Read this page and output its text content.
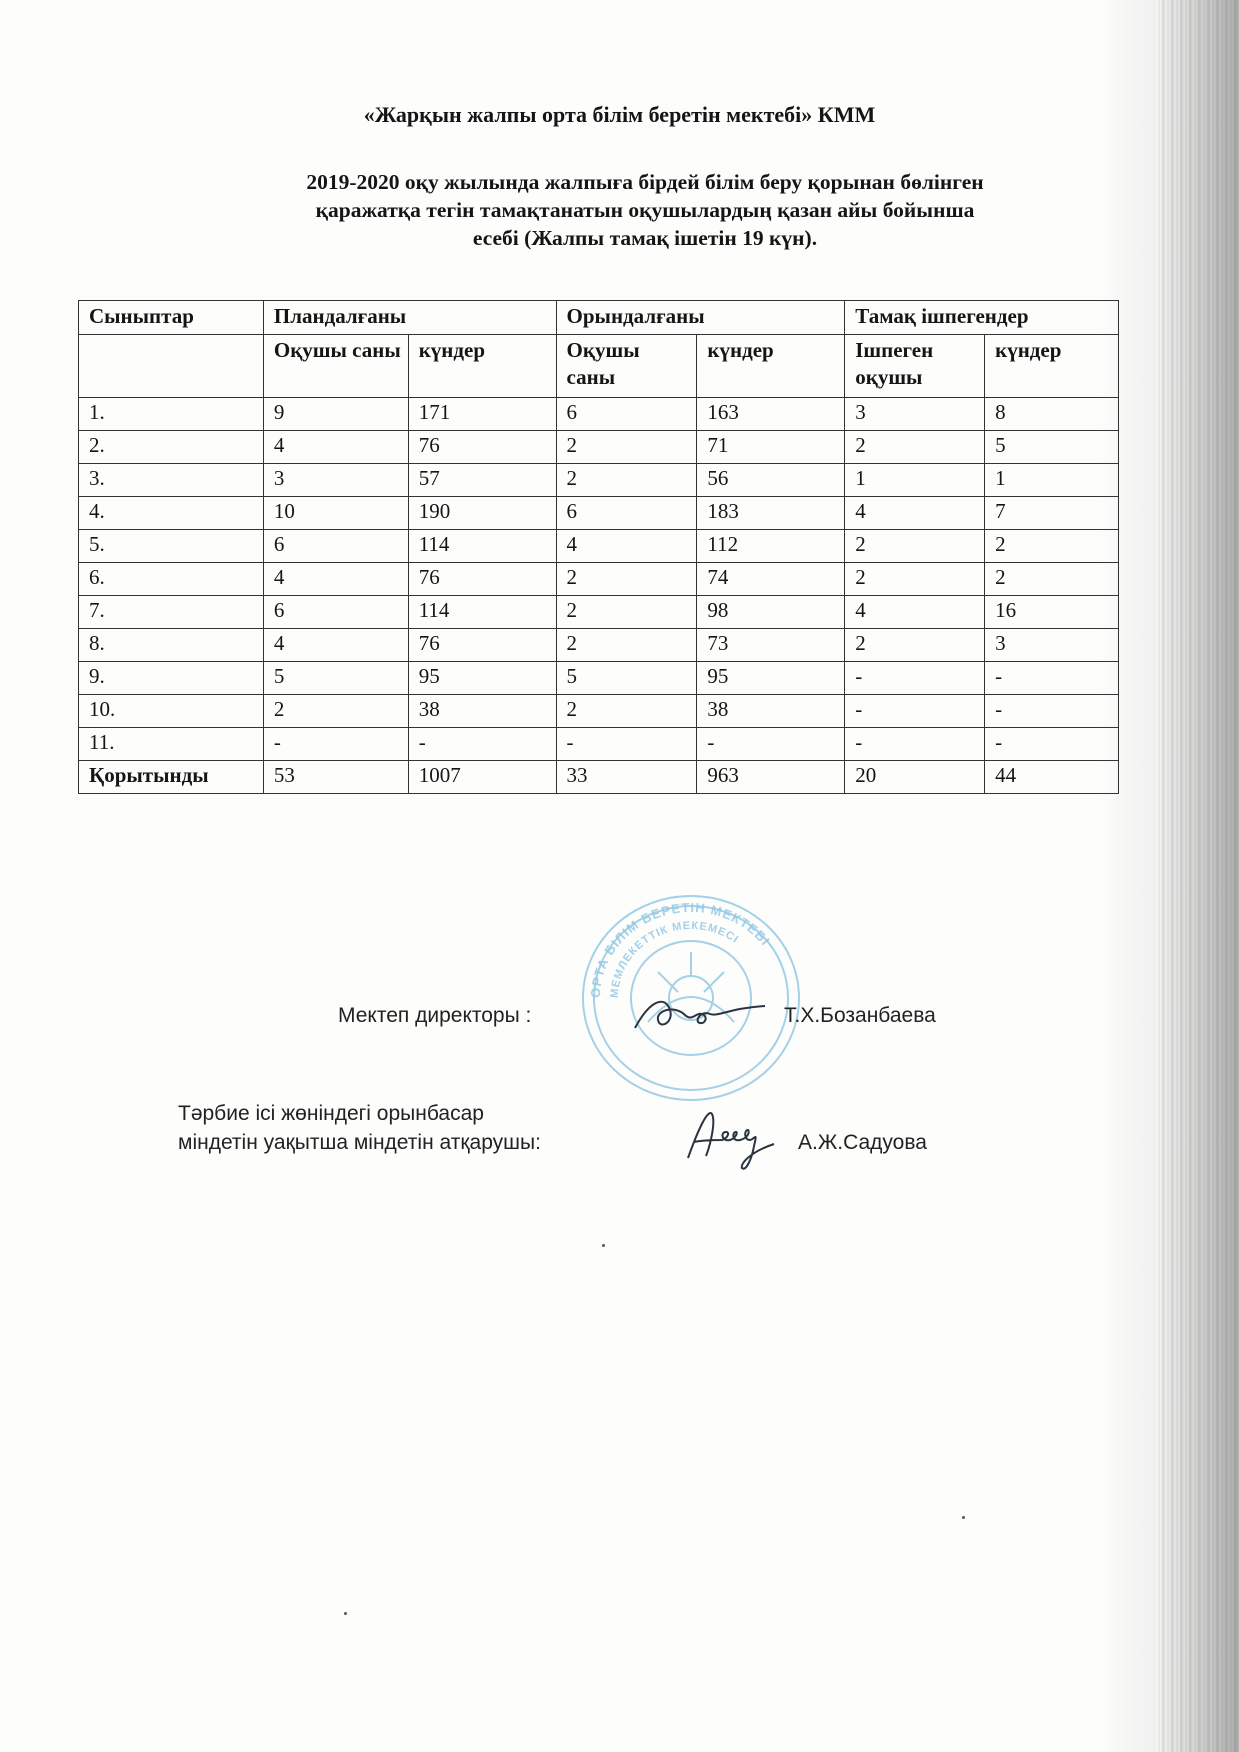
«Жарқын жалпы орта білім беретін мектебі» КММ
2019-2020 оқу жылында жалпыға бірдей білім беру қорынан бөлінген
қаражатқа тегін тамақтанатын оқушылардың қазан айы бойынша
есебі (Жалпы тамақ ішетін 19 күн).
Сыныптар	Пландалғаны		Орындалғаны		Тамақ ішпегендер	
	Оқушы саны	күндер	Оқушы саны	күндер	Ішпеген оқушы	күндер
1.	9	171	6	163	3	8
2.	4	76	2	71	2	5
3.	3	57	2	56	1	1
4.	10	190	6	183	4	7
5.	6	114	4	112	2	2
6.	4	76	2	74	2	2
7.	6	114	2	98	4	16
8.	4	76	2	73	2	3
9.	5	95	5	95	-	-
10.	2	38	2	38	-	-
11.	-	-	-	-	-	-
Қорытынды	53	1007	33	963	20	44
ОРТА БІЛІМ БЕРЕТІН МЕКТЕБІ
МЕМЛЕКЕТТІК МЕКЕМЕСІ
Мектеп директоры :	Т.Х.Бозанбаева
Тәрбие ісі жөніндегі орынбасар
міндетін уақытша міндетін атқарушы:	А.Ж.Садуова
